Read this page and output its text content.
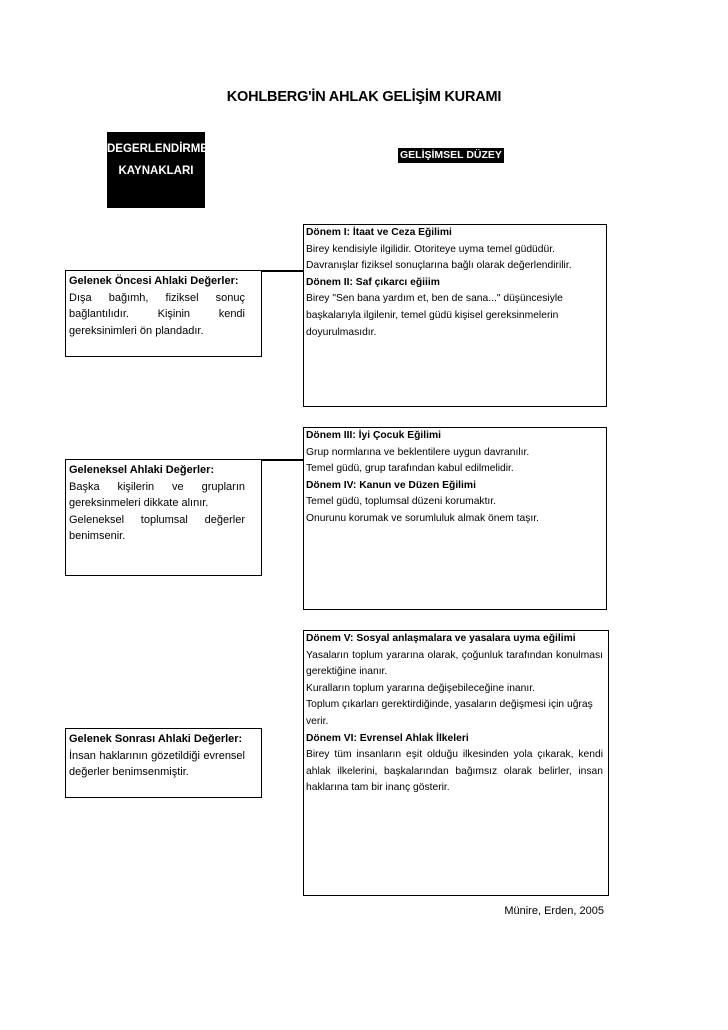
KOHLBERG'İN AHLAK GELİŞİM KURAMI
DEGERLENDİRME
KAYNAKLARI
GELİŞİMSEL DÜZEY
Gelenek Öncesi Ahlaki Değerler:
Dışa bağımh, fiziksel sonuç bağlantılıdır. Kişinin kendi gereksinimleri ön plandadır.
Geleneksel Ahlaki Değerler:
Başka kişilerin ve grupların gereksinmeleri dikkate alınır.
Geleneksel toplumsal değerler benimsenir.
Gelenek Sonrası Ahlaki Değerler:
İnsan haklarının gözetildiği evrensel değerler benimsenmiştir.
Dönem I: İtaat ve Ceza Eğilimi
Birey kendisiyle ilgilidir. Otoriteye uyma temel güdüdür.
Davranışlar fiziksel sonuçlarına bağlı olarak değerlendirilir.
Dönem II: Saf çıkarcı eğiiim
Birey "Sen bana yardım et, ben de sana..." düşüncesiyle başkalarıyla ilgilenir, temel güdü kişisel gereksinmelerin doyurulmasıdır.
Dönem III: İyi Çocuk Eğilimi
Grup normlarına ve beklentilere uygun davranılır.
Temel güdü, grup tarafından kabul edilmelidir.
Dönem IV: Kanun ve Düzen Eğilimi
Temel güdü, toplumsal düzeni korumaktır.
Onurunu korumak ve sorumluluk almak önem taşır.
Dönem V: Sosyal anlaşmalara ve yasalara uyma eğilimi
Yasaların toplum yararına olarak, çoğunluk tarafından konulması gerektiğine inanır.
Kuralların toplum yararına değişebileceğine inanır.
Toplum çıkarları gerektirdiğinde, yasaların değişmesi için uğraş verir.
Dönem VI: Evrensel Ahlak İlkeleri
Birey tüm insanların eşit olduğu ilkesinden yola çıkarak, kendi ahlak ilkelerini, başkalarından bağımsız olarak belirler, insan haklarına tam bir inanç gösterir.
Münire, Erden, 2005
